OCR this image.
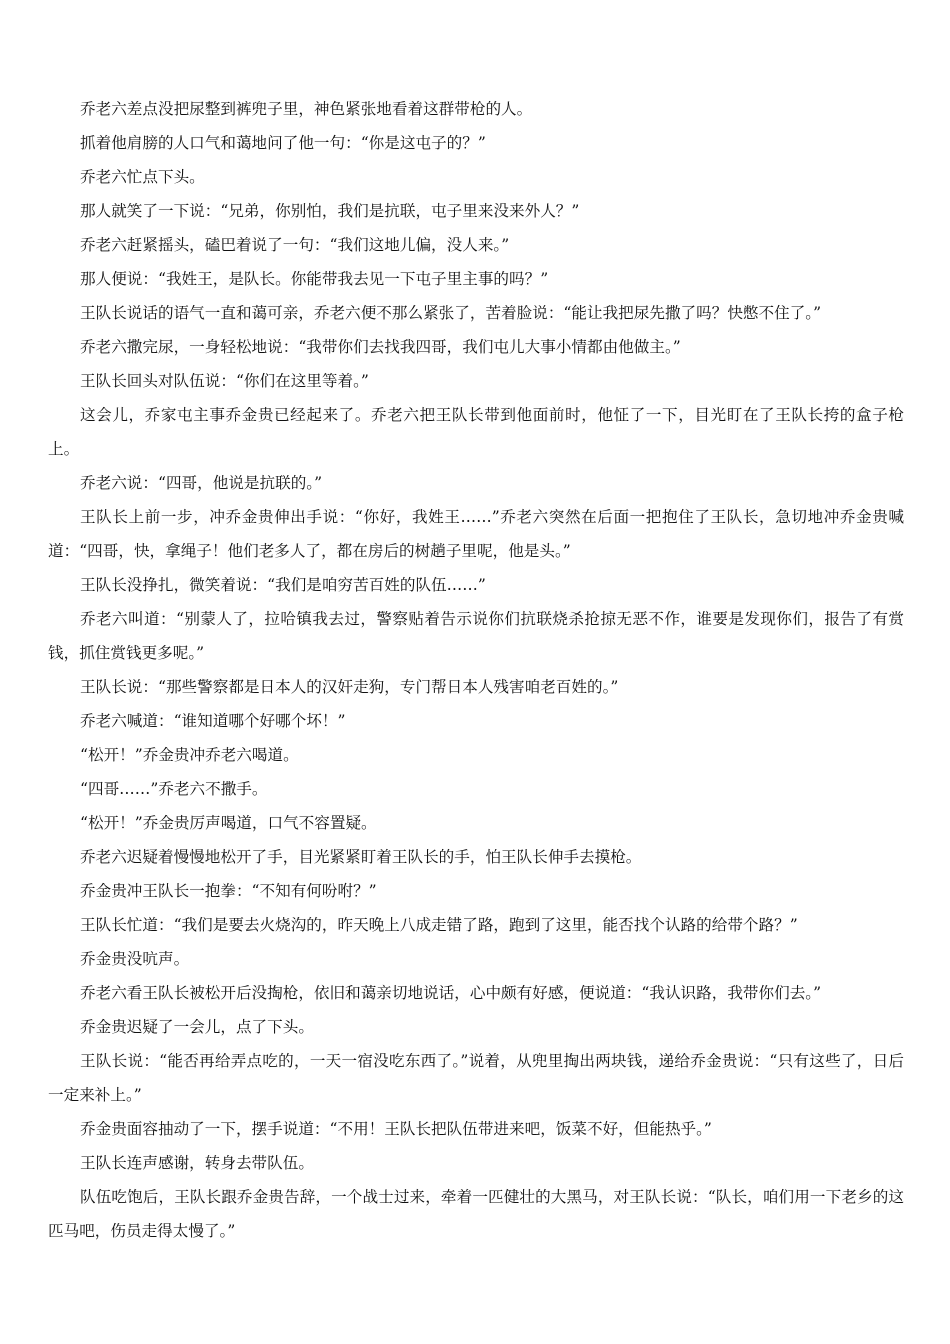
乔老六差点没把尿整到裤兜子里，神色紧张地看着这群带枪的人。

抓着他肩膀的人口气和蔼地问了他一句：“你是这屯子的？”

乔老六忙点下头。

那人就笑了一下说：“兄弟，你别怕，我们是抗联，屯子里来没来外人？”

乔老六赶紧摇头，磕巴着说了一句：“我们这地儿偏，没人来。”

那人便说：“我姓王，是队长。你能带我去见一下屯子里主事的吗？”

王队长说话的语气一直和蔼可亲，乔老六便不那么紧张了，苦着脸说：“能让我把尿先撒了吗？快憋不住了。”

乔老六撒完尿，一身轻松地说：“我带你们去找我四哥，我们屯儿大事小情都由他做主。”

王队长回头对队伍说：“你们在这里等着。”

这会儿，乔家屯主事乔金贵已经起来了。乔老六把王队长带到他面前时，他怔了一下，目光盯在了王队长挎的盒子枪上。

乔老六说：“四哥，他说是抗联的。”

王队长上前一步，冲乔金贵伸出手说：“你好，我姓王……”乔老六突然在后面一把抱住了王队长，急切地冲乔金贵喊道：“四哥，快，拿绳子！他们老多人了，都在房后的树趟子里呢，他是头。”

王队长没挣扎，微笑着说：“我们是咱穷苦百姓的队伍……”

乔老六叫道：“别蒙人了，拉哈镇我去过，警察贴着告示说你们抗联烧杀抢掠无恶不作，谁要是发现你们，报告了有赏钱，抓住赏钱更多呢。”

王队长说：“那些警察都是日本人的汉奸走狗，专门帮日本人残害咱老百姓的。”

乔老六喊道：“谁知道哪个好哪个坏！”

“松开！”乔金贵冲乔老六喝道。

“四哥……”乔老六不撒手。

“松开！”乔金贵厉声喝道，口气不容置疑。

乔老六迟疑着慢慢地松开了手，目光紧紧盯着王队长的手，怕王队长伸手去摸枪。

乔金贵冲王队长一抱拳：“不知有何吩咐？”

王队长忙道：“我们是要去火烧沟的，昨天晚上八成走错了路，跑到了这里，能否找个认路的给带个路？”

乔金贵没吭声。

乔老六看王队长被松开后没掏枪，依旧和蔼亲切地说话，心中颇有好感，便说道：“我认识路，我带你们去。”

乔金贵迟疑了一会儿，点了下头。

王队长说：“能否再给弄点吃的，一天一宿没吃东西了。”说着，从兜里掏出两块钱，递给乔金贵说：“只有这些了，日后一定来补上。”

乔金贵面容抽动了一下，摆手说道：“不用！王队长把队伍带进来吧，饭菜不好，但能热乎。”

王队长连声感谢，转身去带队伍。

队伍吃饱后，王队长跟乔金贵告辞，一个战士过来，牵着一匹健壮的大黑马，对王队长说：“队长，咱们用一下老乡的这匹马吧，伤员走得太慢了。”
